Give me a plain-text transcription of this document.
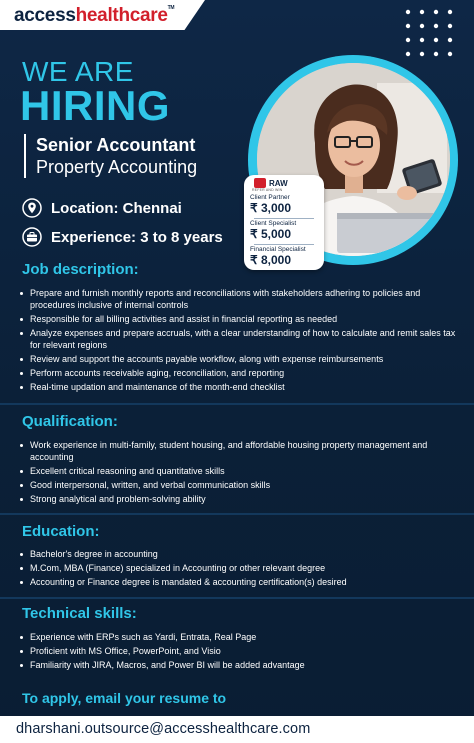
accesshealthcare™
WE ARE
HIRING
Senior Accountant
Property Accounting
Location: Chennai
Experience: 3 to 8 years
RAW
REFER AND WIN
Client Partner
₹ 3,000
Client Specialist
₹ 5,000
Financial Specialist
₹ 8,000
Job description:
Prepare and furnish monthly reports and reconciliations with stakeholders adhering to policies and procedures inclusive of internal controls
Responsible for all billing activities and assist in financial reporting as needed
Analyze expenses and prepare accruals, with a clear understanding of how to calculate and remit sales tax for relevant regions
Review and support the accounts payable workflow, along with expense reimbursements
Perform accounts receivable aging, reconciliation, and reporting
Real-time updation and maintenance of the month-end checklist
Qualification:
Work experience in multi-family, student housing, and affordable housing property management and accounting
Excellent critical reasoning and quantitative skills
Good interpersonal, written, and verbal communication skills
Strong analytical and problem-solving ability
Education:
Bachelor's degree in accounting
M.Com, MBA (Finance) specialized in Accounting or other relevant degree
Accounting or Finance degree is mandated & accounting certification(s) desired
Technical skills:
Experience with ERPs such as Yardi, Entrata, Real Page
Proficient with MS Office, PowerPoint, and Visio
Familiarity with JIRA, Macros, and Power BI will be added advantage
To apply, email your resume to
dharshani.outsource@accesshealthcare.com
